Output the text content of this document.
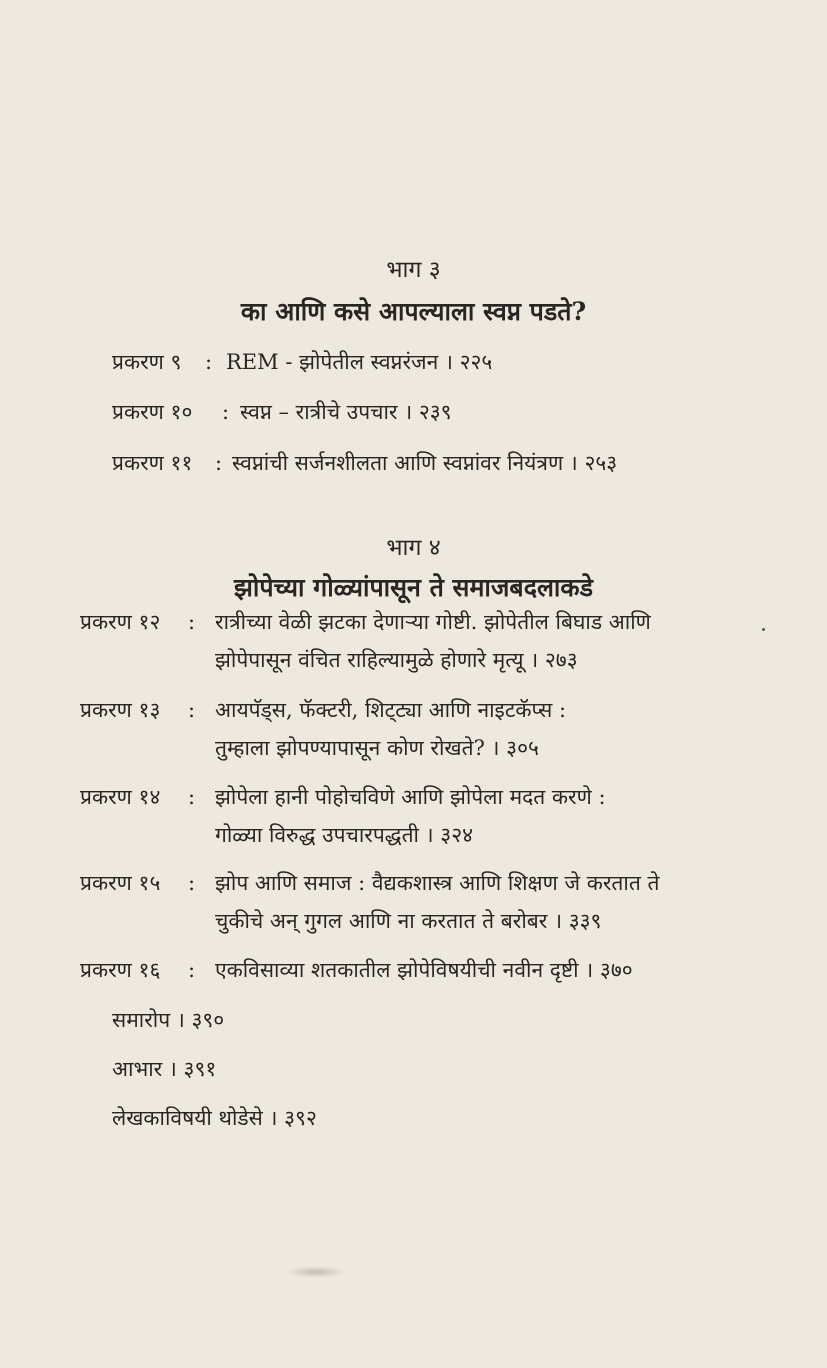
भाग ३
का आणि कसे आपल्याला स्वप्न पडते?
प्रकरण ९ : REM - झोपेतील स्वप्नरंजन । २२५
प्रकरण १० : स्वप्न – रात्रीचे उपचार । २३९
प्रकरण ११ : स्वप्नांची सर्जनशीलता आणि स्वप्नांवर नियंत्रण । २५३
भाग ४
झोपेच्या गोळ्यांपासून ते समाजबदलाकडे
प्रकरण १२ : रात्रीच्या वेळी झटका देणाऱ्या गोष्टी. झोपेतील बिघाड आणि
झोपेपासून वंचित राहिल्यामुळे होणारे मृत्यू । २७३
प्रकरण १३ : आयपॅड्स, फॅक्टरी, शिट्‌ट्या आणि नाइटकॅप्स :
तुम्हाला झोपण्यापासून कोण रोखते? । ३०५
प्रकरण १४ : झोपेला हानी पोहोचविणे आणि झोपेला मदत करणे :
गोळ्या विरुद्ध उपचारपद्धती । ३२४
प्रकरण १५ : झोप आणि समाज : वैद्यकशास्त्र आणि शिक्षण जे करतात ते
चुकीचे अन्‌ गुगल आणि ना करतात ते बरोबर । ३३९
प्रकरण १६ : एकविसाव्या शतकातील झोपेविषयीची नवीन दृष्टी । ३७०
समारोप । ३९०
आभार । ३९१
लेखकाविषयी थोडेसे । ३९२
